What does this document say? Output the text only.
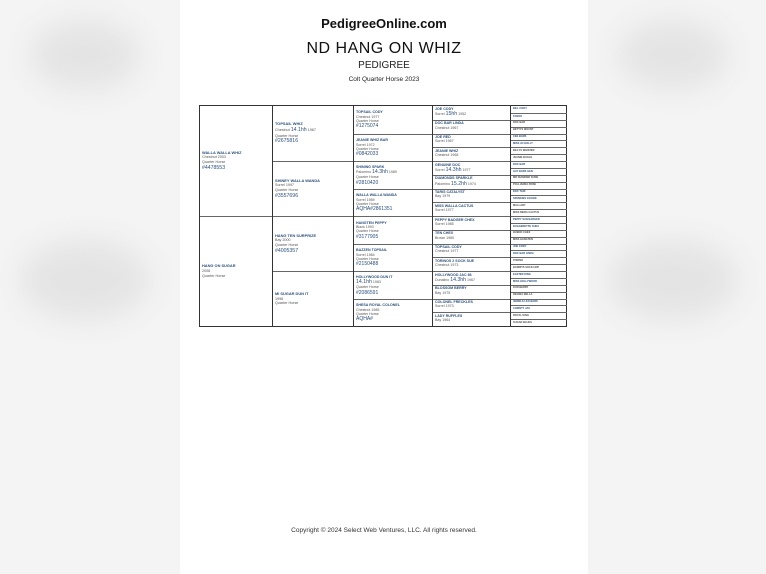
PedigreeOnline.com
ND HANG ON WHIZ
PEDIGREE
Colt Quarter Horse 2023
WALLA WALLA WHIZ
Chestnut 2003
Quarter Horse
#4478553
HANG ON SUGAR
2008
Quarter Horse
TOPSAIL WHIZ
Chestnut 14.1hh 1987
Quarter Horse
#2675816
SHINEY WALLA WANDA
Sorrel 1997
Quarter Horse
#3557696
HANG TEN SURPRIZE
Bay 2000
Quarter Horse
#4005357
MI SUGAR DUN IT
1998
Quarter Horse
TOPSAIL CODY
Chestnut 1977
Quarter Horse
#1275074
JEANIE WHIZ BAR
Sorrel 1972
Quarter Horse
#0842033
SHINING SPARK
Palomino 14.3hh 1989
Quarter Horse
#2810420
WALLA WALLA WANDA
Sorrel 1989
Quarter Horse
AQHA#2861351
HANGTEN PEPPY
Black 1993
Quarter Horse
#3177905
BAZZEN TOPSAIL
Sorrel 1984
Quarter Horse
#2150488
HOLLYWOOD DUN IT
14.1hh 1983
Quarter Horse
#2086591
SHESA ROYAL COLONEL
Chestnut 1985
Quarter Horse
AQHA#
JOE CODY
Sorrel 15hh 1952
DOC BAR LINDA
Chestnut 1967
JOE RED
Sorrel 1967
JEANIE WHIZ
Chestnut 1968
GENUINE DOC
Sorrel 14.3hh 1977
DIAMONDS SPARKLE
Palomino 15.2hh 1974
TARIS CATALYST
Bay 1979
MISS WALLA CACTUS
Sorrel 1977
PEPPY BADGER CHEX
Sorrel 1985
TEN CHEX
Brown 1980
TOPSAIL CODY
Chestnut 1977
TORINOS 2 SOCK SUE
Chestnut 1973
HOLLYWOOD JAC 86
Dunalino 14.3hh 1967
BLOSSOM BERRY
Bay 1975
COLONEL FRECKLES
Sorrel 1973
LADY RUFFLES
Bay 1964
BILL CODY
TABOO
DOC BAR
BETTYS MOUNT
CEE BARS
MISS JO HOLLY
BILLYS WHIZZER
JEANIE BUGLE
DOC BAR
GAY BARS GEN
MR DIAMOND DUDE
POLLIANNA ROSE
DOC TARI
SPANKIES GOLDIE
MALLARY
MISS REMA CACTUS
PEPPY SAN BADGER
BUGGERETTE CHEX
BUENO CHEX
MISS HANGTEN
JOE CODY
DOC BAR LINDA
TORINO
BANDITS SOCK HOP
EASTER KING
MISS HOLLYWOOD
DUN BERRY
REGINA BELLA
JEWELS LEO BARS
CHRISTY JAC
ROYAL KING
SUGAR BLUES
Copyright © 2024 Select Web Ventures, LLC. All rights reserved.
